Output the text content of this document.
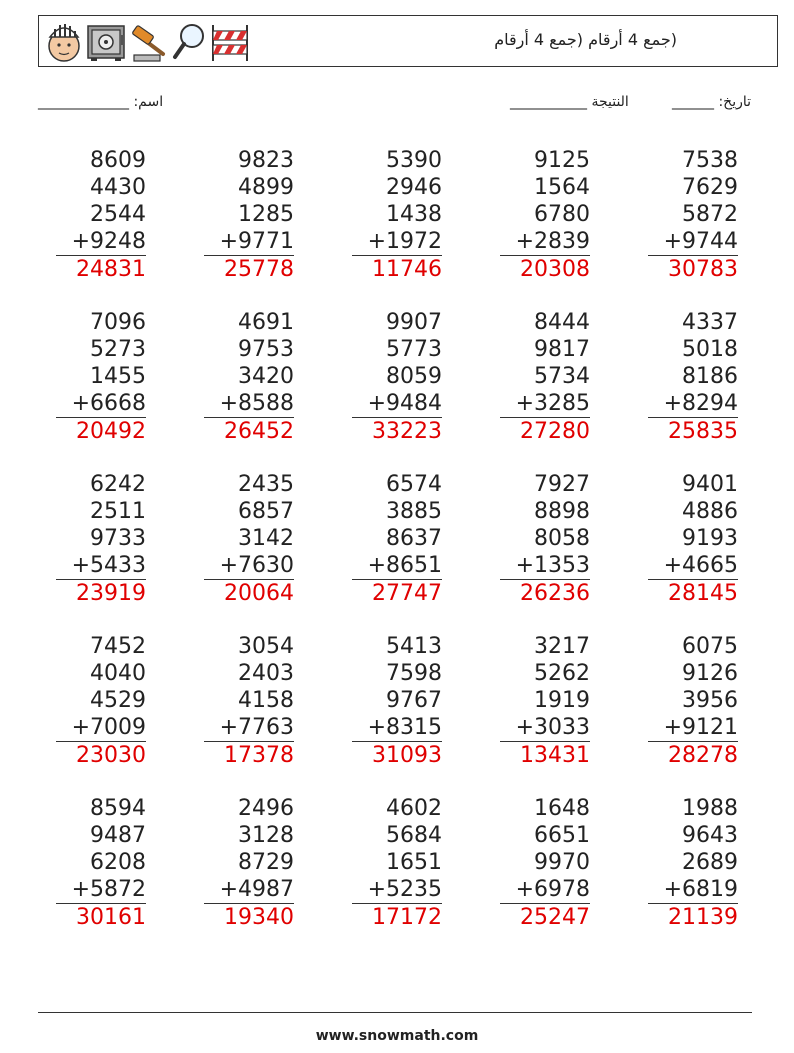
(جمع 4 أرقام (جمع 4 أرقام
اسم: _____________	النتيجة ___________	تاريخ: ______
8609
4430
2544
+9248
24831
9823
4899
1285
+9771
25778
5390
2946
1438
+1972
11746
9125
1564
6780
+2839
20308
7538
7629
5872
+9744
30783
7096
5273
1455
+6668
20492
4691
9753
3420
+8588
26452
9907
5773
8059
+9484
33223
8444
9817
5734
+3285
27280
4337
5018
8186
+8294
25835
6242
2511
9733
+5433
23919
2435
6857
3142
+7630
20064
6574
3885
8637
+8651
27747
7927
8898
8058
+1353
26236
9401
4886
9193
+4665
28145
7452
4040
4529
+7009
23030
3054
2403
4158
+7763
17378
5413
7598
9767
+8315
31093
3217
5262
1919
+3033
13431
6075
9126
3956
+9121
28278
8594
9487
6208
+5872
30161
2496
3128
8729
+4987
19340
4602
5684
1651
+5235
17172
1648
6651
9970
+6978
25247
1988
9643
2689
+6819
21139
www.snowmath.com
